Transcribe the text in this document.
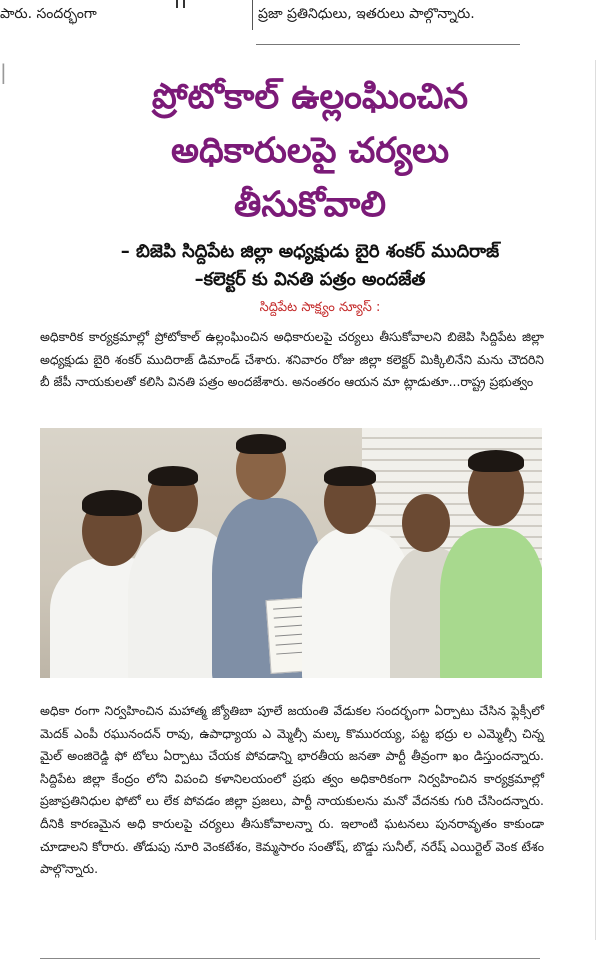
పారు. సందర్భంగా	ప్రజా ప్రతినిధులు, ఇతరులు పాల్గొన్నారు.
|
ప్రోటోకాల్ ఉల్లంఘించిన
అధికారులపై చర్యలు
తీసుకోవాలి
– బిజెపి సిద్దిపేట జిల్లా అధ్యక్షుడు బైరి శంకర్ ముదిరాజ్
–కలెక్టర్ కు వినతి పత్రం అందజేత
సిద్దిపేట సాక్ష్యం న్యూస్ :
అధికారిక కార్యక్రమాల్లో ప్రోటోకాల్ ఉల్లంఘించిన అధికారులపై చర్యలు తీసుకోవాలని బిజెపి సిద్దిపేట జిల్లా అధ్యక్షుడు బైరి శంకర్ ముదిరాజ్ డిమాండ్ చేశారు. శనివారం రోజు జిల్లా కలెక్టర్ మిక్కిలినేని మను చౌదరిని బీ జేపీ నాయకులతో కలిసి వినతి పత్రం అందజేశారు. అనంతరం ఆయన మా ట్లాడుతూ...రాష్ట్ర ప్రభుత్వం
అధికా రంగా నిర్వహించిన మహాత్మ జ్యోతిబా పూలే జయంతి వేడుకల సందర్భంగా ఏర్పాటు చేసిన ఫ్లెక్సీలో మెదక్ ఎంపీ రఘునందన్ రావు, ఉపాధ్యాయ ఎ మ్మెల్సీ మల్క కొమురయ్య, పట్ట భద్రు ల ఎమ్మెల్సీ చిన్న మైల్ అంజిరెడ్డి ఫో టోలు ఏర్పాటు చేయక పోవడాన్ని భారతీయ జనతా పార్టీ తీవ్రంగా ఖం డిస్తుందన్నారు. సిద్దిపేట జిల్లా కేంద్రం లోని విపంచి కళానిలయంలో ప్రభు త్వం అధికారికంగా నిర్వహించిన కార్యక్రమాల్లో ప్రజాప్రతినిధుల ఫోటో లు లేక పోవడం జిల్లా ప్రజలు, పార్టీ నాయకులను మనో వేదనకు గురి చేసిందన్నారు. దీనికి కారణమైన అధి కారులపై చర్యలు తీసుకోవాలన్నా రు. ఇలాంటి ఘటనలు పునరావృతం కాకుండా చూడాలని కోరారు. తోడుపు నూరి వెంకటేశం, కెమ్మసారం సంతోష్, బొడ్డు సునీల్, నరేష్ ఎయిర్టెల్ వెంక టేశం పాల్గొన్నారు.
